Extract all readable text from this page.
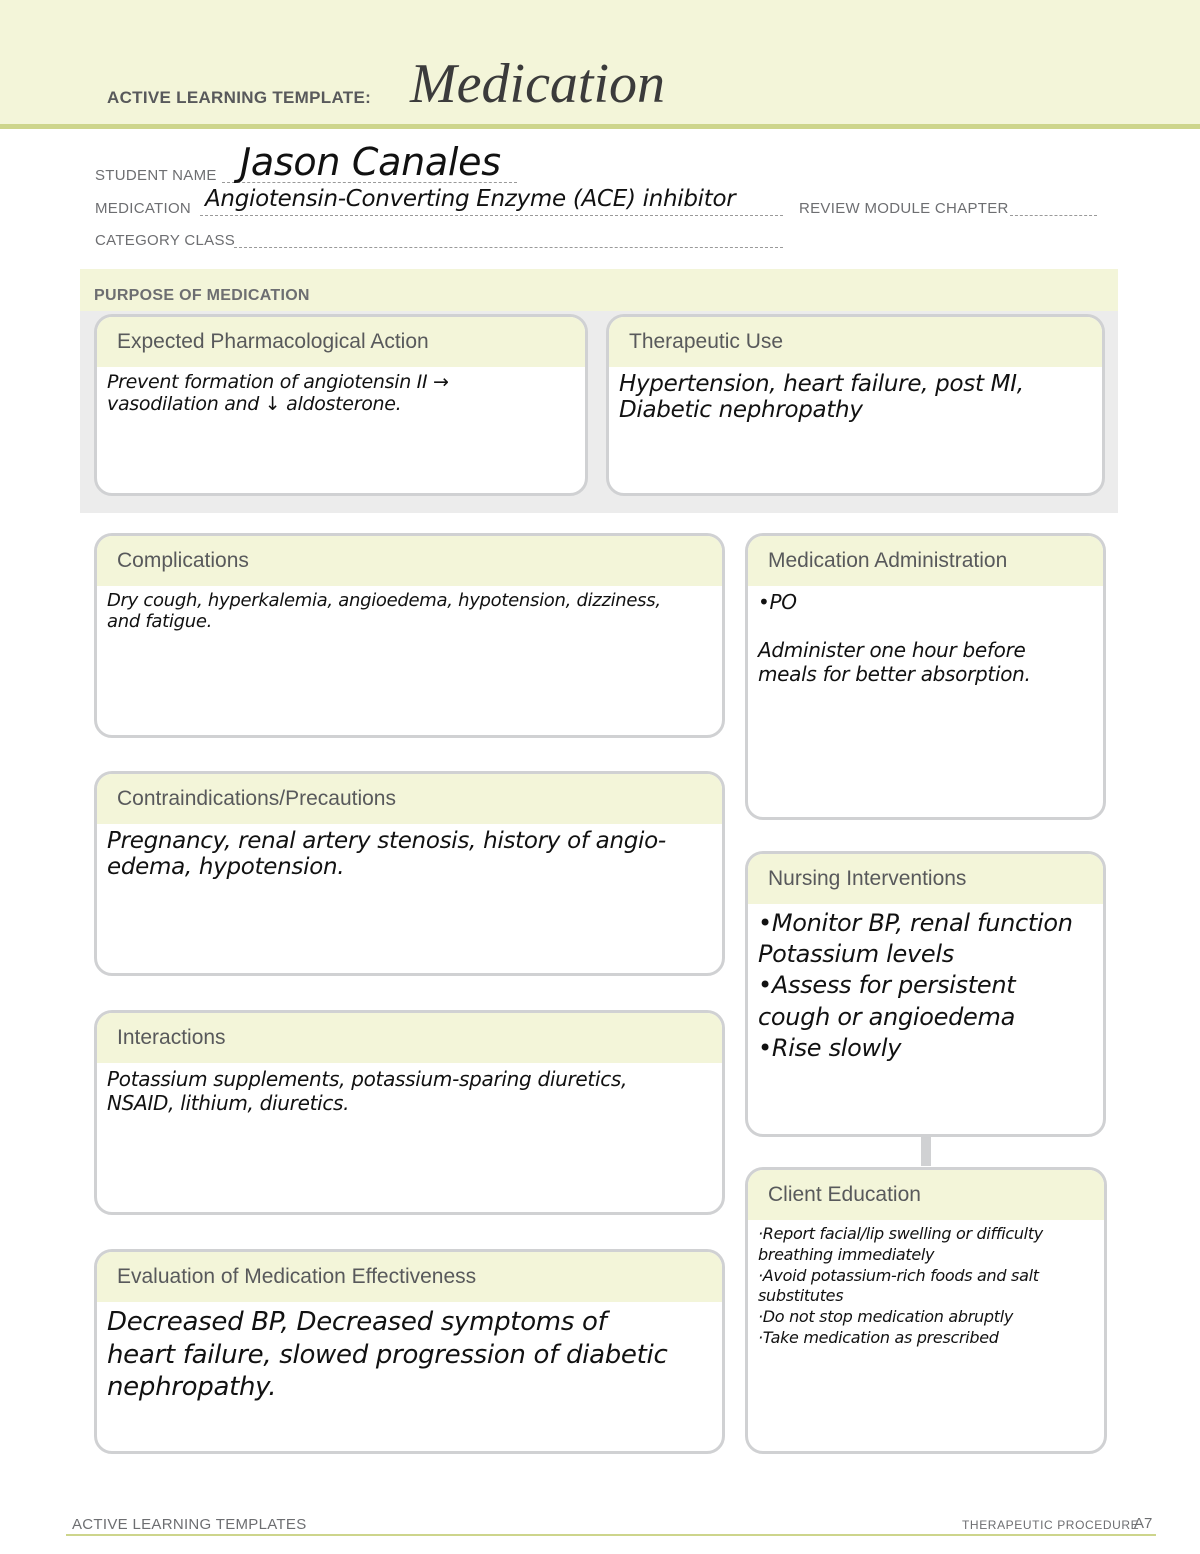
ACTIVE LEARNING TEMPLATE: Medication
STUDENT NAME Jason Canales
MEDICATION Angiotensin-Converting Enzyme (ACE) inhibitor	REVIEW MODULE CHAPTER
CATEGORY CLASS
PURPOSE OF MEDICATION
Expected Pharmacological Action
Prevent formation of angiotensin II →
vasodilation and ↓ aldosterone.
Therapeutic Use
Hypertension, heart failure, post MI,
Diabetic nephropathy
Complications
Dry cough, hyperkalemia, angioedema, hypotension, dizziness,
and fatigue.
Contraindications/Precautions
Pregnancy, renal artery stenosis, history of angio-
edema, hypotension.
Interactions
Potassium supplements, potassium-sparing diuretics,
NSAID, lithium, diuretics.
Evaluation of Medication Effectiveness
Decreased BP, Decreased symptoms of
heart failure, slowed progression of diabetic
nephropathy.
Medication Administration
•PO

Administer one hour before
meals for better absorption.
Nursing Interventions
•Monitor BP, renal function
Potassium levels
•Assess for persistent
cough or angioedema
•Rise slowly
Client Education
·Report facial/lip swelling or difficulty
breathing immediately
·Avoid potassium-rich foods and salt
substitutes
·Do not stop medication abruptly
·Take medication as prescribed
ACTIVE LEARNING TEMPLATES	THERAPEUTIC PROCEDURE
A7
